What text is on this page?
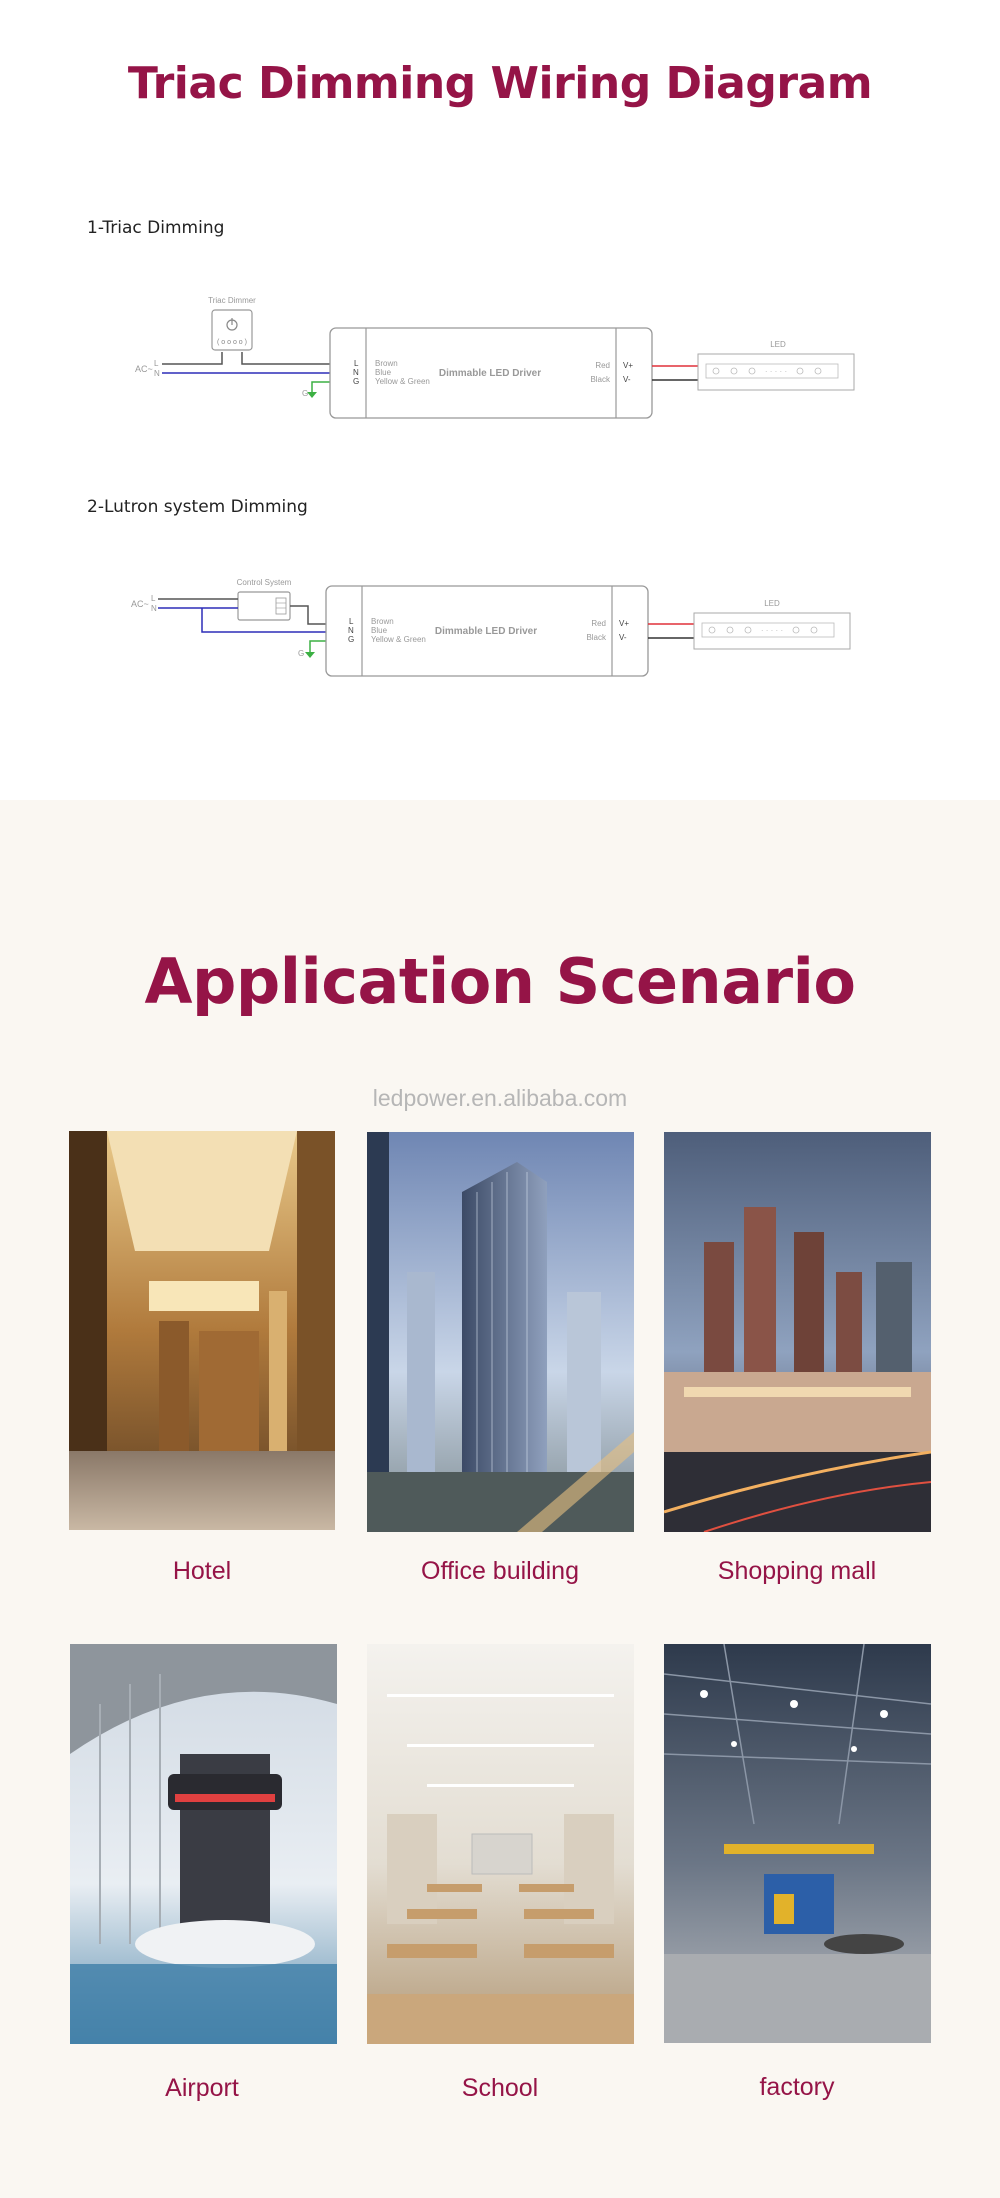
Triac Dimming Wiring Diagram
1-Triac Dimming
Triac Dimmer
( o o o o )
AC~
L
N
G
L
N
G
Brown
Blue
Yellow & Green
Dimmable LED Driver
Red
Black
V+
V-
LED
· · · · ·
2-Lutron system Dimming
Control System
AC~
L
N
G
L
N
G
Brown
Blue
Yellow & Green
Dimmable LED Driver
Red
Black
V+
V-
LED
· · · · ·
Application Scenario
ledpower.en.alibaba.com
Hotel	Office building	Shopping mall
Airport	School	factory
